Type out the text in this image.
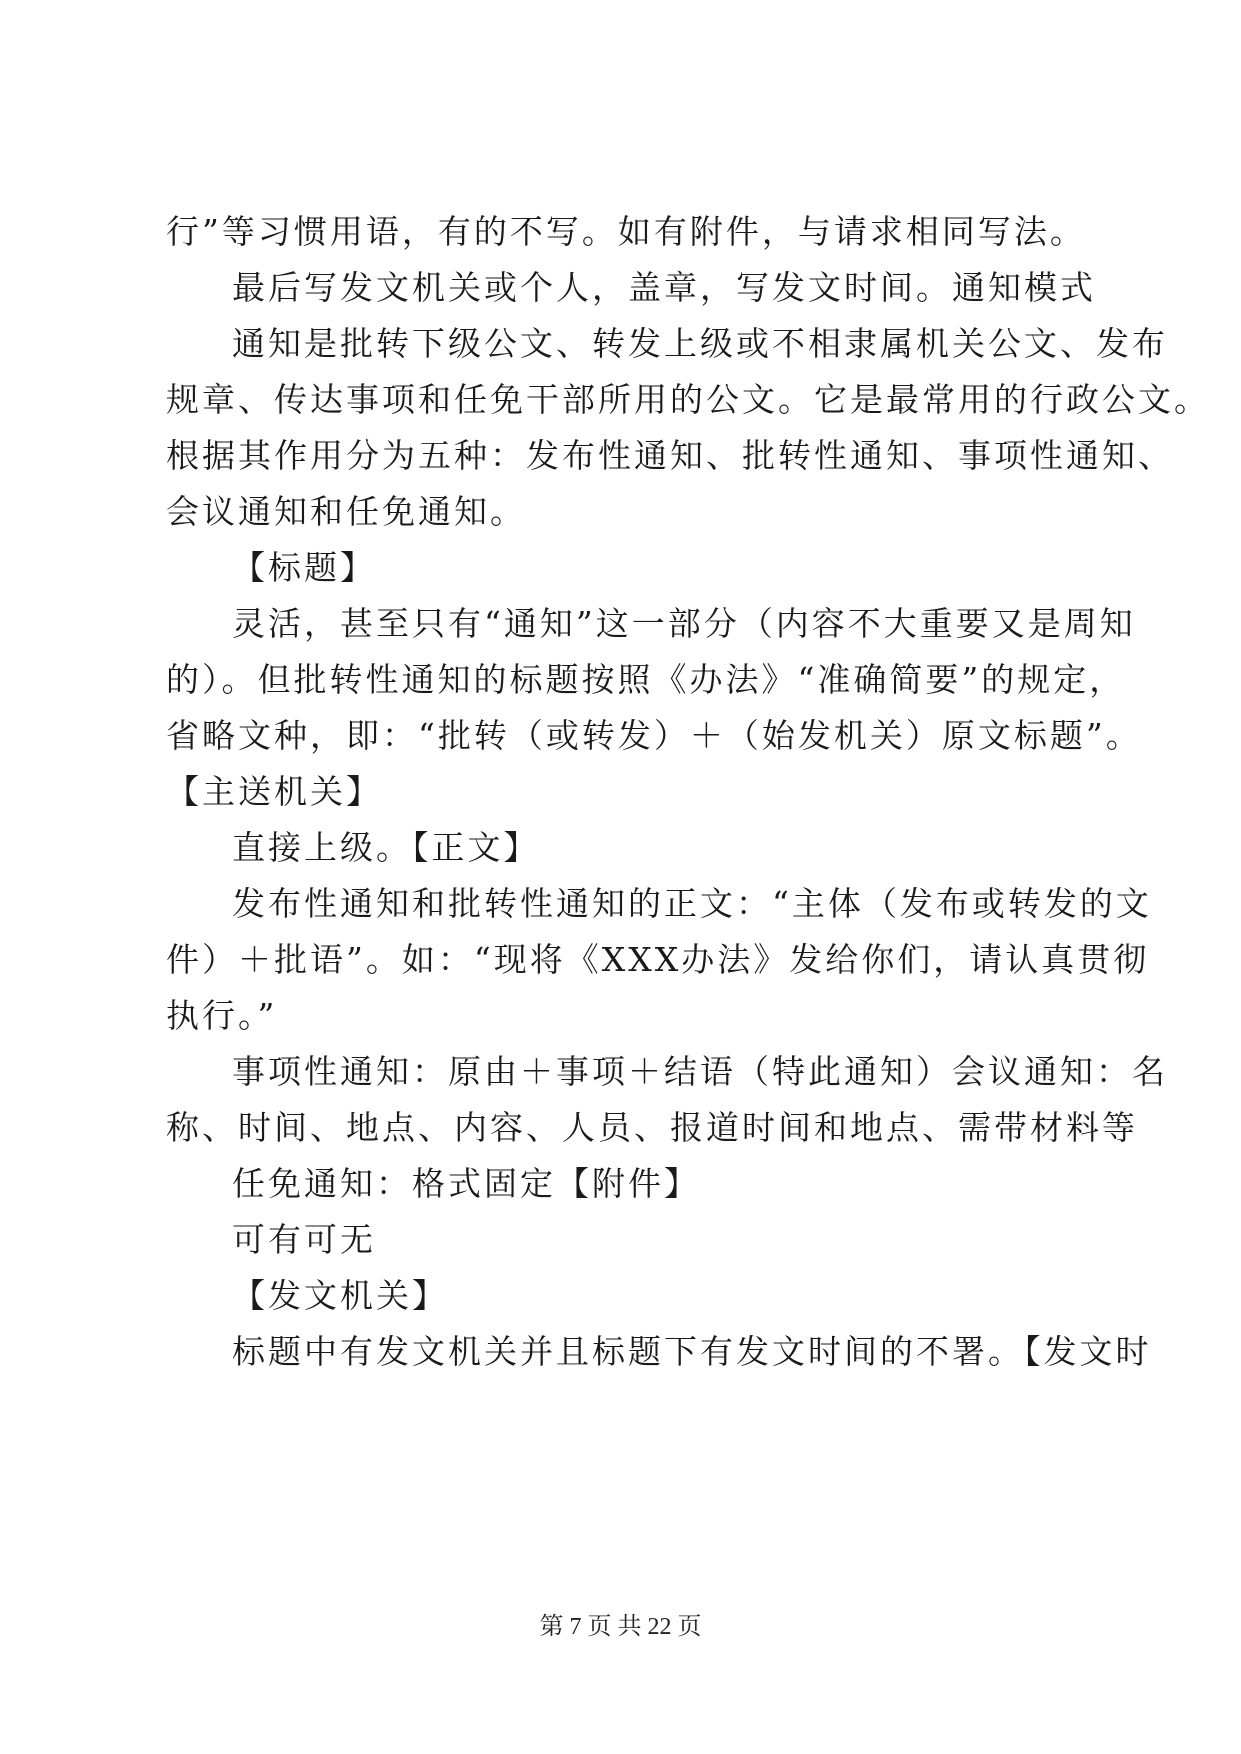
行”等习惯用语，有的不写。如有附件，与请求相同写法。
最后写发文机关或个人，盖章，写发文时间。通知模式
通知是批转下级公文、转发上级或不相隶属机关公文、发布
规章、传达事项和任免干部所用的公文。它是最常用的行政公文。
根据其作用分为五种：发布性通知、批转性通知、事项性通知、
会议通知和任免通知。
【标题】
灵活，甚至只有“通知”这一部分（内容不大重要又是周知
的）。但批转性通知的标题按照《办法》“准确简要”的规定，
省略文种，即：“批转（或转发）＋（始发机关）原文标题”。
【主送机关】
直接上级。【正文】
发布性通知和批转性通知的正文：“主体（发布或转发的文
件）＋批语”。如：“现将《XXX办法》发给你们，请认真贯彻
执行。”
事项性通知：原由＋事项＋结语（特此通知）会议通知：名
称、时间、地点、内容、人员、报道时间和地点、需带材料等
任免通知：格式固定【附件】
可有可无
【发文机关】
标题中有发文机关并且标题下有发文时间的不署。【发文时
第 7 页 共 22 页
